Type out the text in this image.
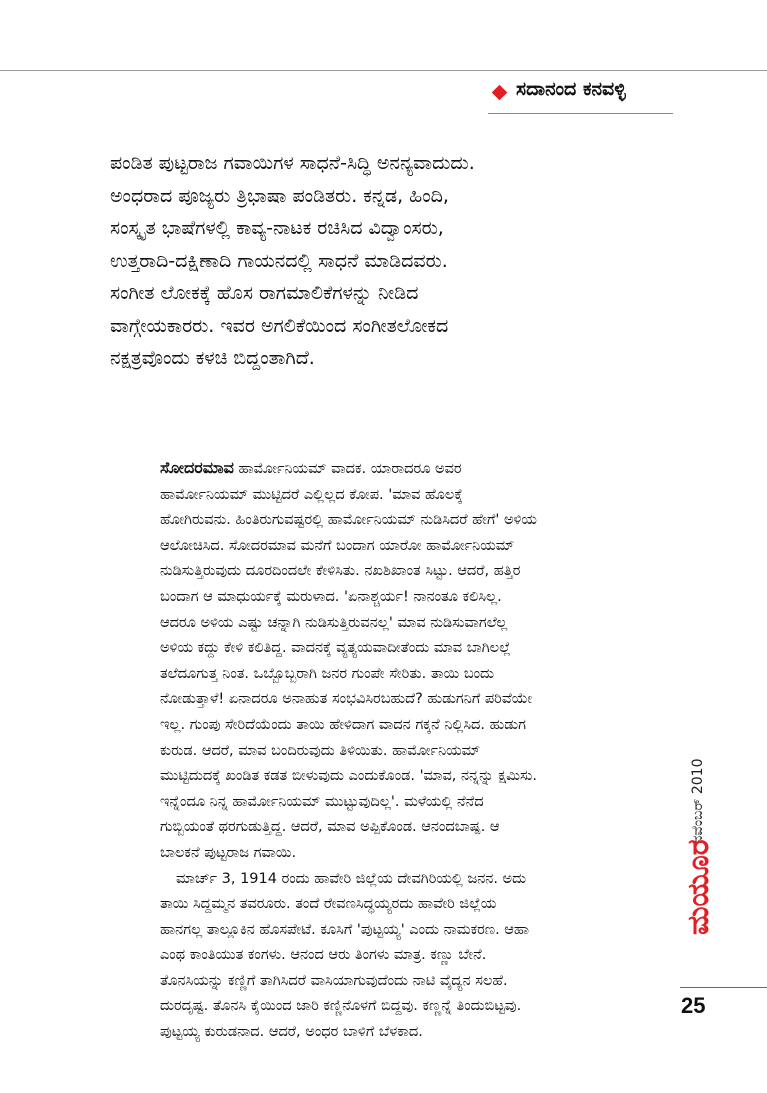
ಸದಾನಂದ ಕನವಳ್ಳಿ
ಪಂಡಿತ ಪುಟ್ಟರಾಜ ಗವಾಯಿಗಳ ಸಾಧನೆ-ಸಿದ್ಧಿ ಅನನ್ಯವಾದುದು.
ಅಂಧರಾದ ಪೂಜ್ಯರು ತ್ರಿಭಾಷಾ ಪಂಡಿತರು. ಕನ್ನಡ, ಹಿಂದಿ,
ಸಂಸ್ಕೃತ ಭಾಷೆಗಳಲ್ಲಿ ಕಾವ್ಯ-ನಾಟಕ ರಚಿಸಿದ ವಿದ್ವಾಂಸರು,
ಉತ್ತರಾದಿ-ದಕ್ಷಿಣಾದಿ ಗಾಯನದಲ್ಲಿ ಸಾಧನೆ ಮಾಡಿದವರು.
ಸಂಗೀತ ಲೋಕಕ್ಕೆ ಹೊಸ ರಾಗಮಾಲಿಕೆಗಳನ್ನು ನೀಡಿದ
ವಾಗ್ಗೇಯಕಾರರು. ಇವರ ಅಗಲಿಕೆಯಿಂದ ಸಂಗೀತಲೋಕದ
ನಕ್ಷತ್ರವೊಂದು ಕಳಚಿ ಬಿದ್ದಂತಾಗಿದೆ.
ಸೋದರಮಾವ ಹಾರ್ಮೋನಿಯಮ್ ವಾದಕ. ಯಾರಾದರೂ ಅವರ
ಹಾರ್ಮೋನಿಯಮ್ ಮುಟ್ಟಿದರೆ ಎಲ್ಲಿಲ್ಲದ ಕೋಪ. 'ಮಾವ ಹೊಲಕ್ಕೆ
ಹೋಗಿರುವನು. ಹಿಂತಿರುಗುವಷ್ಟರಲ್ಲಿ ಹಾರ್ಮೋನಿಯಮ್ ನುಡಿಸಿದರೆ ಹೇಗೆ' ಅಳಿಯ
ಆಲೋಚಿಸಿದ. ಸೋದರಮಾವ ಮನೆಗೆ ಬಂದಾಗ ಯಾರೋ ಹಾರ್ಮೋನಿಯಮ್
ನುಡಿಸುತ್ತಿರುವುದು ದೂರದಿಂದಲೇ ಕೇಳಿಸಿತು. ನಖಶಿಖಾಂತ ಸಿಟ್ಟು. ಆದರೆ, ಹತ್ತಿರ
ಬಂದಾಗ ಆ ಮಾಧುರ್ಯಕ್ಕೆ ಮರುಳಾದ. 'ಏನಾಶ್ಚರ್ಯ! ನಾನಂತೂ ಕಲಿಸಿಲ್ಲ.
ಆದರೂ ಅಳಿಯ ಎಷ್ಟು ಚನ್ನಾಗಿ ನುಡಿಸುತ್ತಿರುವನಲ್ಲ' ಮಾವ ನುಡಿಸುವಾಗಲೆಲ್ಲ
ಅಳಿಯ ಕದ್ದು ಕೇಳಿ ಕಲಿತಿದ್ದ. ವಾದನಕ್ಕೆ ವ್ಯತ್ಯಯವಾದೀತೆಂದು ಮಾವ ಬಾಗಿಲಲ್ಲೆ
ತಲೆದೂಗುತ್ತ ನಿಂತ. ಒಬ್ಬೊಬ್ಬರಾಗಿ ಜನರ ಗುಂಪೇ ಸೇರಿತು. ತಾಯಿ ಬಂದು
ನೋಡುತ್ತಾಳೆ! ಏನಾದರೂ ಅನಾಹುತ ಸಂಭವಿಸಿರಬಹುದೆ? ಹುಡುಗನಿಗೆ ಪರಿವೆಯೇ
ಇಲ್ಲ. ಗುಂಪು ಸೇರಿದೆಯೆಂದು ತಾಯಿ ಹೇಳಿದಾಗ ವಾದನ ಗಕ್ಕನೆ ನಿಲ್ಲಿಸಿದ. ಹುಡುಗ
ಕುರುಡ. ಆದರೆ, ಮಾವ ಬಂದಿರುವುದು ತಿಳಿಯಿತು. ಹಾರ್ಮೋನಿಯಮ್
ಮುಟ್ಟಿದುದಕ್ಕೆ ಖಂಡಿತ ಕಡತ ಬೀಳುವುದು ಎಂದುಕೊಂಡ. 'ಮಾವ, ನನ್ನನ್ನು ಕ್ಷಮಿಸು.
ಇನ್ನೆಂದೂ ನಿನ್ನ ಹಾರ್ಮೋನಿಯಮ್ ಮುಟ್ಟುವುದಿಲ್ಲ'. ಮಳೆಯಲ್ಲಿ ನೆನೆದ
ಗುಬ್ಬಿಯಂತೆ ಥರಗುಡುತ್ತಿದ್ದ. ಆದರೆ, ಮಾವ ಅಪ್ಪಿಕೊಂಡ. ಆನಂದಬಾಷ್ಪ. ಆ
ಬಾಲಕನೆ ಪುಟ್ಟರಾಜ ಗವಾಯಿ.
ಮಾರ್ಚ್ 3, 1914 ರಂದು ಹಾವೇರಿ ಜಿಲ್ಲೆಯ ದೇವಗಿರಿಯಲ್ಲಿ ಜನನ. ಅದು
ತಾಯಿ ಸಿದ್ದಮ್ಮನ ತವರೂರು. ತಂದೆ ರೇವಣಸಿದ್ಧಯ್ಯರದು ಹಾವೇರಿ ಜಿಲ್ಲೆಯ
ಹಾನಗಲ್ಲ ತಾಲ್ಲೂಕಿನ ಹೊಸಪೇಟೆ. ಕೂಸಿಗೆ 'ಪುಟ್ಟಯ್ಯ' ಎಂದು ನಾಮಕರಣ. ಆಹಾ
ಎಂಥ ಕಾಂತಿಯುತ ಕಂಗಳು. ಆನಂದ ಆರು ತಿಂಗಳು ಮಾತ್ರ. ಕಣ್ಣು ಬೇನೆ.
ತೊನಸಿಯನ್ನು ಕಣ್ಣಿಗೆ ತಾಗಿಸಿದರೆ ವಾಸಿಯಾಗುವುದೆಂದು ನಾಟಿ ವೈದ್ಯನ ಸಲಹೆ.
ದುರದೃಷ್ಟ. ತೊನಸಿ ಕೈಯಿಂದ ಜಾರಿ ಕಣ್ಣಿನೊಳಗೆ ಬಿದ್ದವು. ಕಣ್ಣನ್ನೆ ತಿಂದುಬಿಟ್ಟವು.
ಪುಟ್ಟಯ್ಯ ಕುರುಡನಾದ. ಆದರೆ, ಅಂಧರ ಬಾಳಿಗೆ ಬೆಳಕಾದ.
ನವೆಂಬರ್ 2010
ಮಯೂರ
25
